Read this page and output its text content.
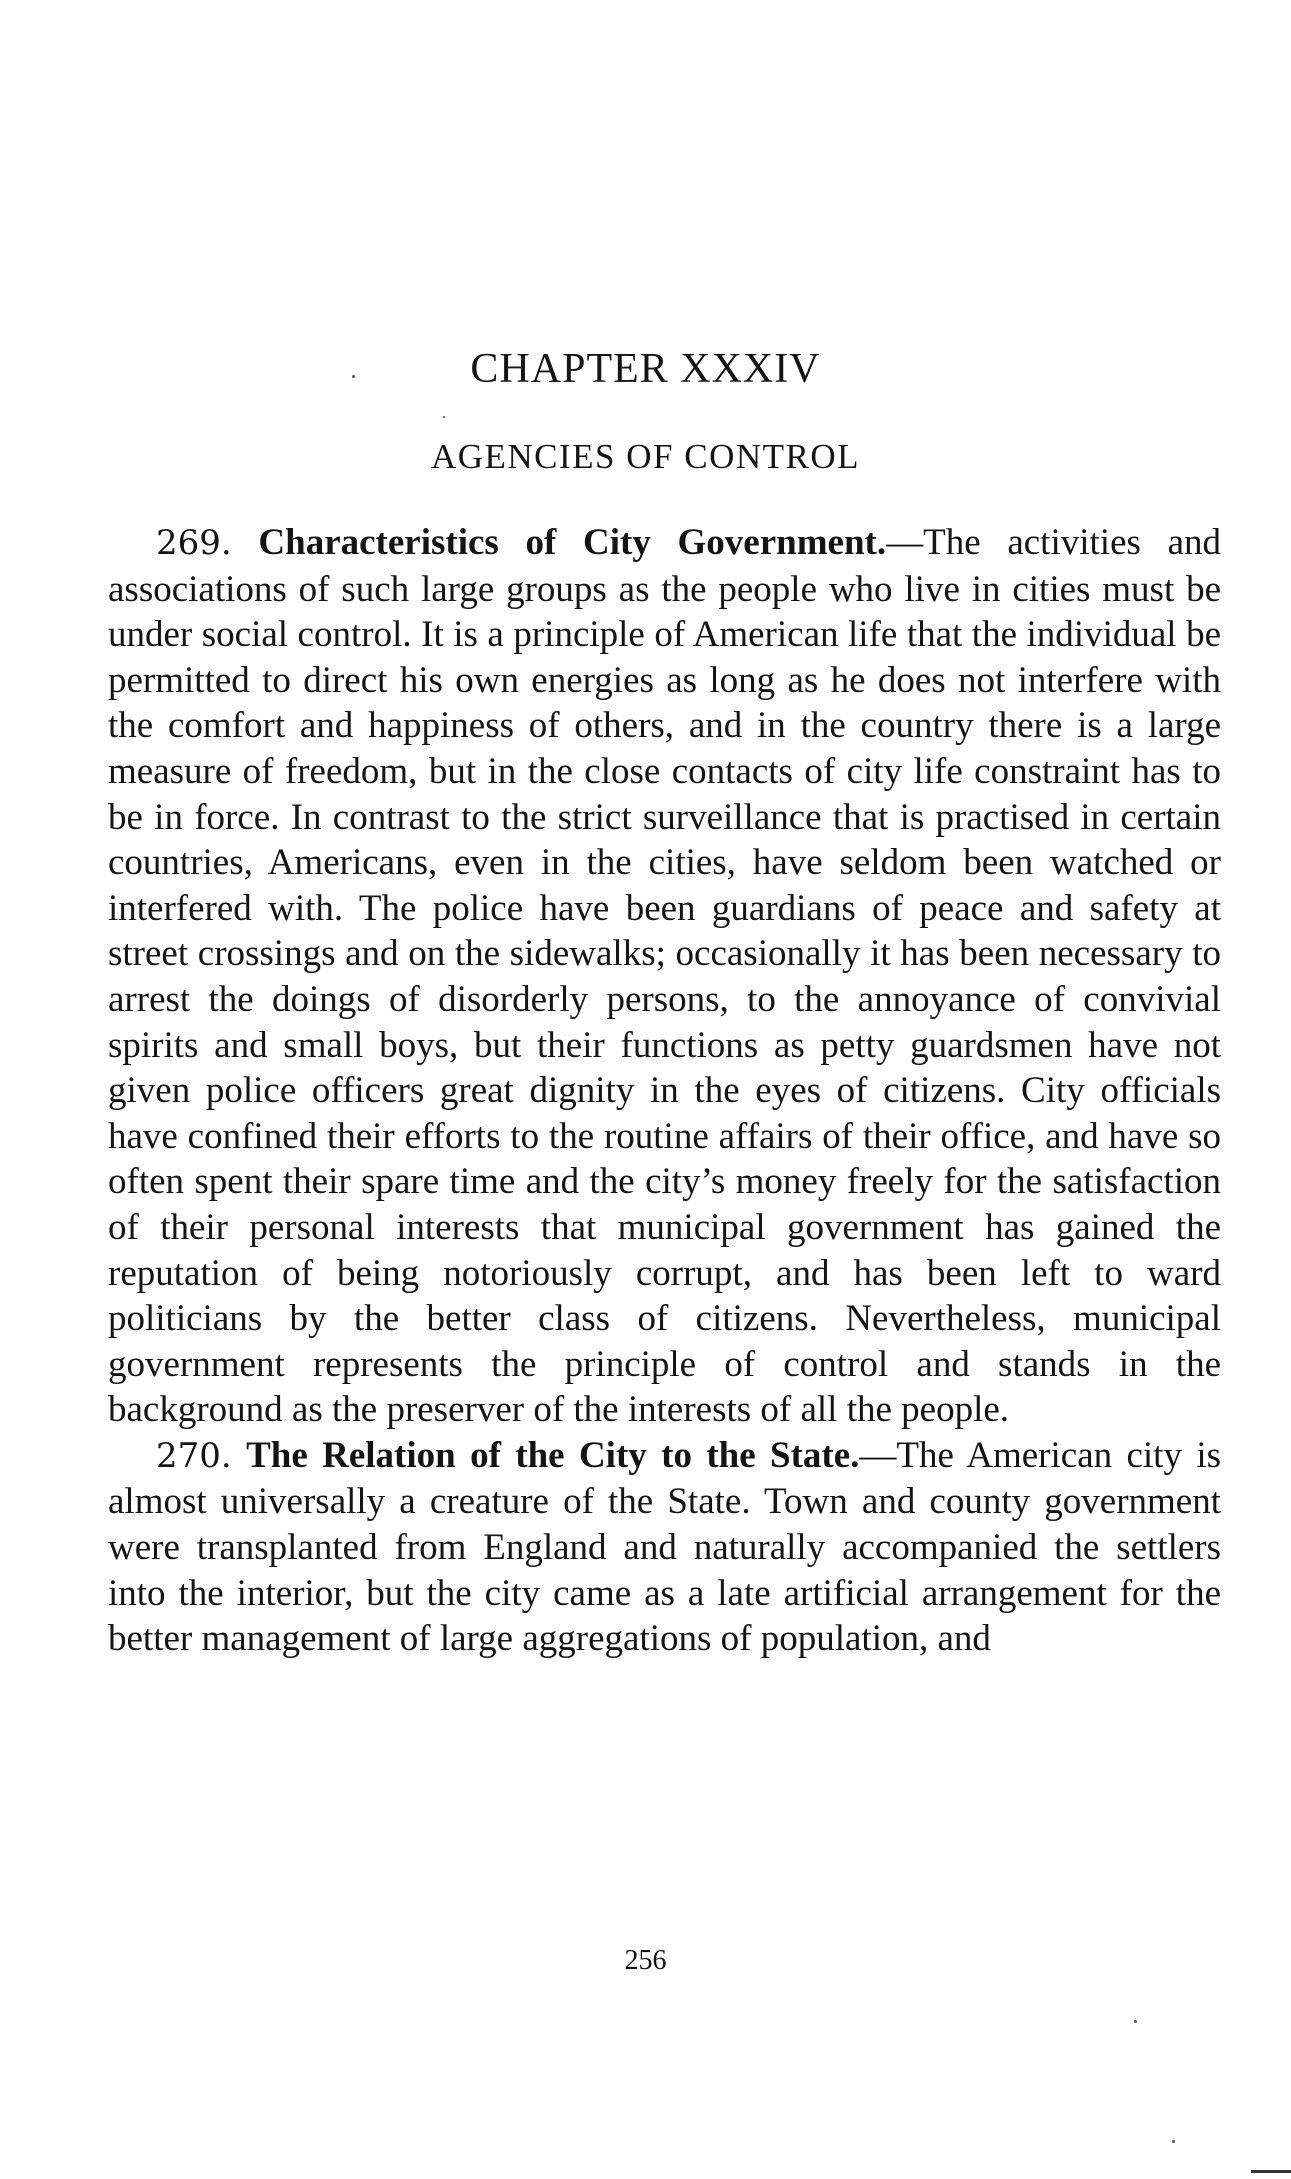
CHAPTER XXXIV
AGENCIES OF CONTROL

269. Characteristics of City Government.—The activities and associations of such large groups as the people who live in cities must be under social control. It is a principle of American life that the individual be permitted to direct his own energies as long as he does not interfere with the comfort and happiness of others, and in the country there is a large measure of freedom, but in the close contacts of city life constraint has to be in force. In contrast to the strict surveillance that is practised in certain countries, Americans, even in the cities, have seldom been watched or interfered with. The police have been guardians of peace and safety at street crossings and on the sidewalks; occasionally it has been necessary to arrest the doings of disorderly persons, to the annoyance of convivial spirits and small boys, but their functions as petty guardsmen have not given police officers great dignity in the eyes of citizens. City officials have confined their efforts to the routine affairs of their office, and have so often spent their spare time and the city’s money freely for the satisfaction of their personal interests that municipal government has gained the reputation of being notoriously corrupt, and has been left to ward politicians by the better class of citizens. Nevertheless, municipal government represents the principle of control and stands in the background as the preserver of the interests of all the people.

270. The Relation of the City to the State.—The American city is almost universally a creature of the State. Town and county government were transplanted from England and naturally accompanied the settlers into the interior, but the city came as a late artificial arrangement for the better management of large aggregations of population, and

256
